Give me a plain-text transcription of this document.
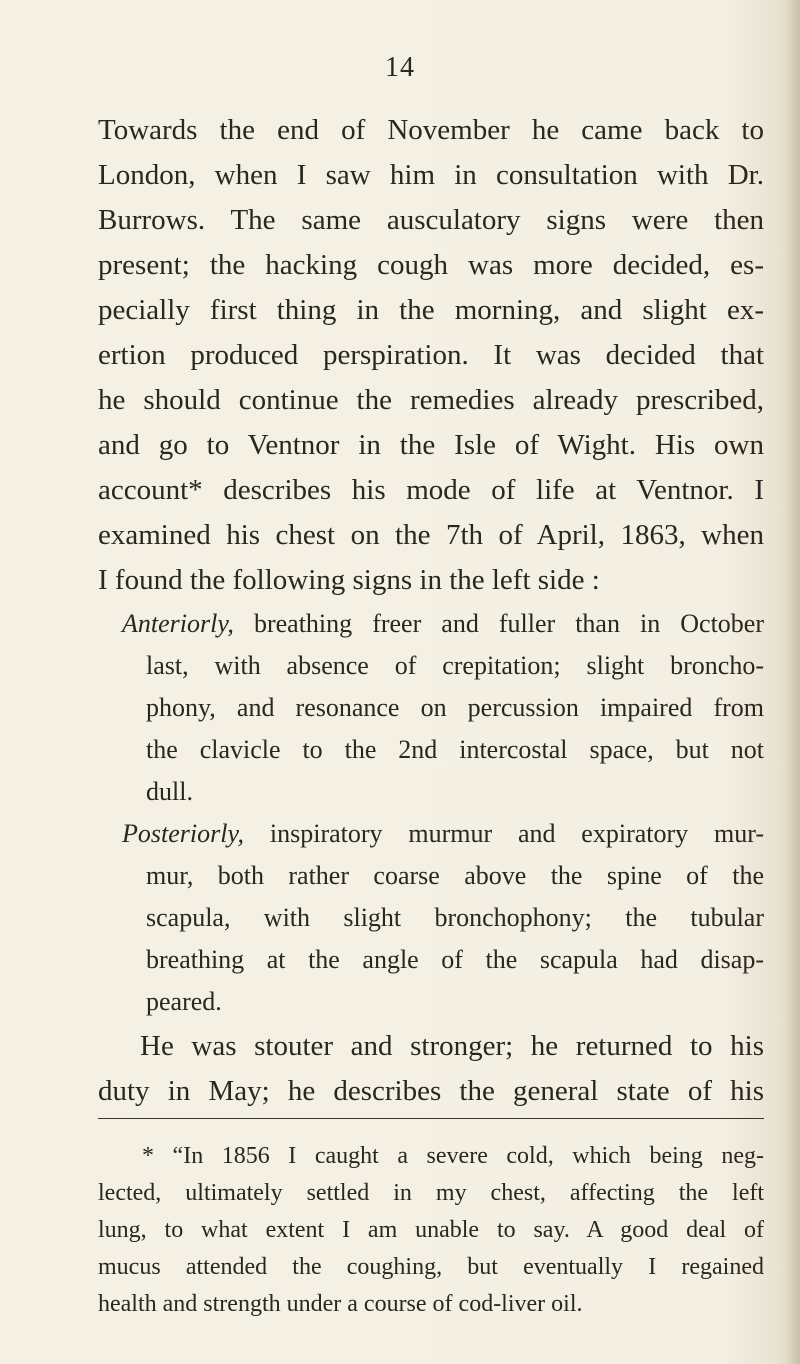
14
Towards the end of November he came back to
London, when I saw him in consultation with Dr.
Burrows. The same ausculatory signs were then
present; the hacking cough was more decided, es-
pecially first thing in the morning, and slight ex-
ertion produced perspiration. It was decided that
he should continue the remedies already prescribed,
and go to Ventnor in the Isle of Wight. His own
account* describes his mode of life at Ventnor. I
examined his chest on the 7th of April, 1863, when
I found the following signs in the left side :
Anteriorly, breathing freer and fuller than in October
last, with absence of crepitation; slight broncho-
phony, and resonance on percussion impaired from
the clavicle to the 2nd intercostal space, but not
dull.
Posteriorly, inspiratory murmur and expiratory mur-
mur, both rather coarse above the spine of the
scapula, with slight bronchophony; the tubular
breathing at the angle of the scapula had disap-
peared.
He was stouter and stronger; he returned to his
duty in May; he describes the general state of his
* “In 1856 I caught a severe cold, which being neg-
lected, ultimately settled in my chest, affecting the left
lung, to what extent I am unable to say. A good deal of
mucus attended the coughing, but eventually I regained
health and strength under a course of cod-liver oil.
